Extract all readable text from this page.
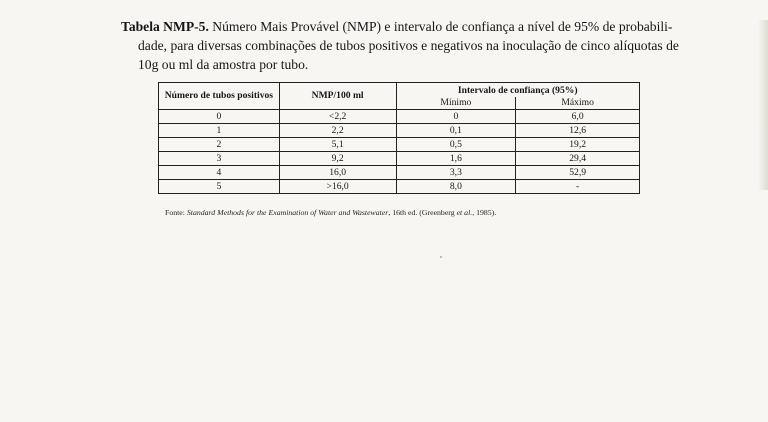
Tabela NMP-5. Número Mais Provável (NMP) e intervalo de confiança a nível de 95% de probabili-
dade, para diversas combinações de tubos positivos e negativos na inoculação de cinco alíquotas de
10g ou ml da amostra por tubo.
Número de tubos positivos	NMP/100 ml	Intervalo de confiança (95%)	
		Mínimo	Máximo
0	<2,2	0	6,0
1	2,2	0,1	12,6
2	5,1	0,5	19,2
3	9,2	1,6	29,4
4	16,0	3,3	52,9
5	>16,0	8,0	-
Fonte: Standard Methods for the Examination of Water and Wastewater, 16th ed. (Greenberg et al., 1985).
